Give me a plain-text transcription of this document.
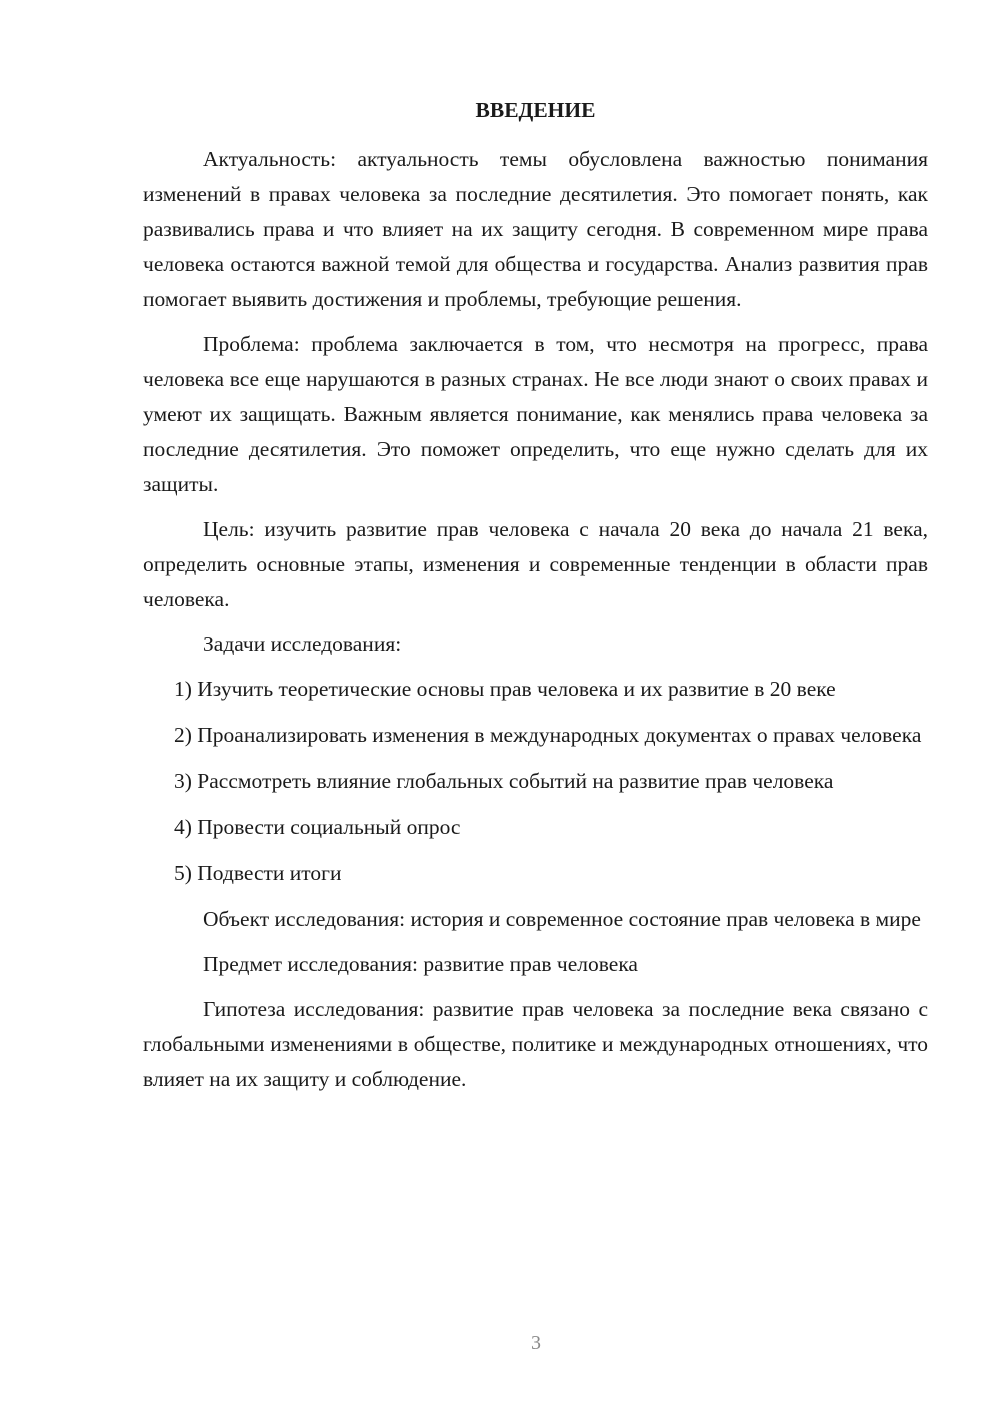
ВВЕДЕНИЕ
Актуальность: актуальность темы обусловлена важностью понимания изменений в правах человека за последние десятилетия. Это помогает понять, как развивались права и что влияет на их защиту сегодня. В современном мире права человека остаются важной темой для общества и государства. Анализ развития прав помогает выявить достижения и проблемы, требующие решения.
Проблема: проблема заключается в том, что несмотря на прогресс, права человека все еще нарушаются в разных странах. Не все люди знают о своих правах и умеют их защищать. Важным является понимание, как менялись права человека за последние десятилетия. Это поможет определить, что еще нужно сделать для их защиты.
Цель: изучить развитие прав человека с начала 20 века до начала 21 века, определить основные этапы, изменения и современные тенденции в области прав человека.
Задачи исследования:
1) Изучить теоретические основы прав человека и их развитие в 20 веке
2) Проанализировать изменения в международных документах о правах человека
3) Рассмотреть влияние глобальных событий на развитие прав человека
4) Провести социальный опрос
5) Подвести итоги
Объект исследования: история и современное состояние прав человека в мире
Предмет исследования: развитие прав человека
Гипотеза исследования: развитие прав человека за последние века связано с глобальными изменениями в обществе, политике и международных отношениях, что влияет на их защиту и соблюдение.
3
